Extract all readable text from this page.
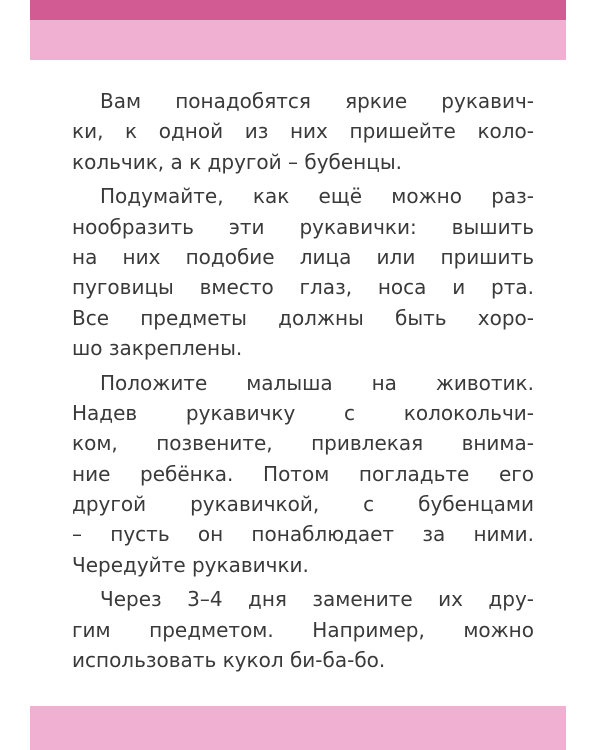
Вам понадобятся яркие рукавич-
ки, к одной из них пришейте коло-
кольчик, а к другой – бубенцы.
Подумайте, как ещё можно раз-
нообразить эти рукавички: вышить
на них подобие лица или пришить
пуговицы вместо глаз, носа и рта.
Все предметы должны быть хоро-
шо закреплены.
Положите малыша на животик.
Надев рукавичку с колокольчи-
ком, позвените, привлекая внима-
ние ребёнка. Потом погладьте его
другой рукавичкой, с бубенцами
– пусть он понаблюдает за ними.
Чередуйте рукавички.
Через 3–4 дня замените их дру-
гим предметом. Например, можно
использовать кукол би-ба-бо.
